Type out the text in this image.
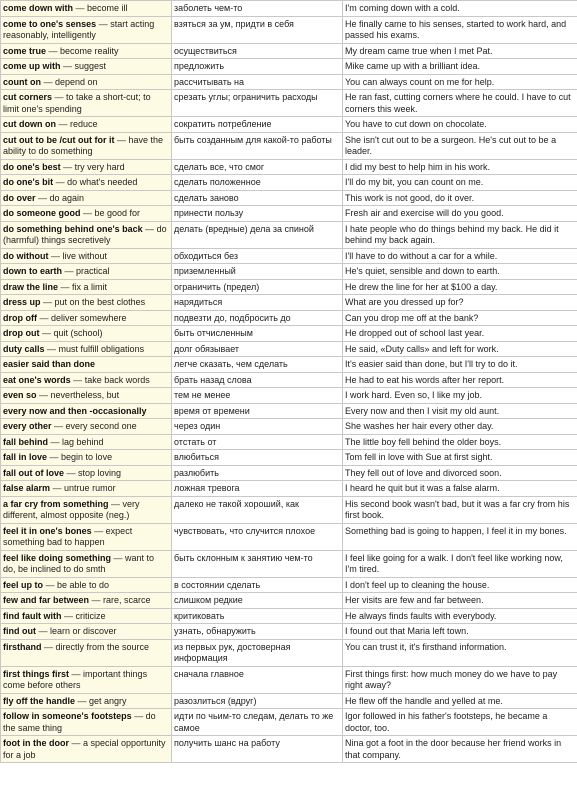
come down with — become ill	заболеть чем-то	I'm coming down with a cold.
come to one's senses — start acting reasonably, intelligently	взяться за ум, придти в себя	He finally came to his senses, started to work hard, and passed his exams.
come true — become reality	осуществиться	My dream came true when I met Pat.
come up with — suggest	предложить	Mike came up with a brilliant idea.
count on — depend on	рассчитывать на	You can always count on me for help.
cut corners — to take a short-cut; to limit one's spending	срезать углы; ограничить расходы	He ran fast, cutting corners where he could. I have to cut corners this week.
cut down on — reduce	сократить потребление	You have to cut down on chocolate.
cut out to be /cut out for it — have the ability to do something	быть созданным для какой-то работы	She isn't cut out to be a surgeon. He's cut out to be a leader.
do one's best — try very hard	сделать все, что смог	I did my best to help him in his work.
do one's bit — do what's needed	сделать положенное	I'll do my bit, you can count on me.
do over — do again	сделать заново	This work is not good, do it over.
do someone good — be good for	принести пользу	Fresh air and exercise will do you good.
do something behind one's back — do (harmful) things secretively	делать (вредные) дела за спиной	I hate people who do things behind my back. He did it behind my back again.
do without — live without	обходиться без	I'll have to do without a car for a while.
down to earth — practical	приземленный	He's quiet, sensible and down to earth.
draw the line — fix a limit	ограничить (предел)	He drew the line for her at $100 a day.
dress up — put on the best clothes	нарядиться	What are you dressed up for?
drop off — deliver somewhere	подвезти до, подбросить до	Can you drop me off at the bank?
drop out — quit (school)	быть отчисленным	He dropped out of school last year.
duty calls — must fulfill obligations	долг обязывает	He said, «Duty calls» and left for work.
easier said than done	легче сказать, чем сделать	It's easier said than done, but I'll try to do it.
eat one's words — take back words	брать назад слова	He had to eat his words after her report.
even so — nevertheless, but	тем не менее	I work hard. Even so, I like my job.
every now and then -occasionally	время от времени	Every now and then I visit my old aunt.
every other — every second one	через один	She washes her hair every other day.
fall behind — lag behind	отстать от	The little boy fell behind the older boys.
fall in love — begin to love	влюбиться	Tom fell in love with Sue at first sight.
fall out of love — stop loving	разлюбить	They fell out of love and divorced soon.
false alarm — untrue rumor	ложная тревога	I heard he quit but it was a false alarm.
a far cry from something — very different, almost opposite (neg.)	далеко не такой хороший, как	His second book wasn't bad, but it was a far cry from his first book.
feel it in one's bones — expect something bad to happen	чувствовать, что случится плохое	Something bad is going to happen, I feel it in my bones.
feel like doing something — want to do, be inclined to do smth	быть склонным к занятию чем-то	I feel like going for a walk. I don't feel like working now, I'm tired.
feel up to — be able to do	в состоянии сделать	I don't feel up to cleaning the house.
few and far between — rare, scarce	слишком редкие	Her visits are few and far between.
find fault with — criticize	критиковать	He always finds faults with everybody.
find out — learn or discover	узнать, обнаружить	I found out that Maria left town.
firsthand — directly from the source	из первых рук, достоверная информация	You can trust it, it's firsthand information.
first things first — important things come before others	сначала главное	First things first: how much money do we have to pay right away?
fly off the handle — get angry	разозлиться (вдруг)	He flew off the handle and yelled at me.
follow in someone's footsteps — do the same thing	идти по чьим-то следам, делать то же самое	Igor followed in his father's footsteps, he became a doctor, too.
foot in the door — a special opportunity for a job	получить шанс на работу	Nina got a foot in the door because her friend works in that company.
